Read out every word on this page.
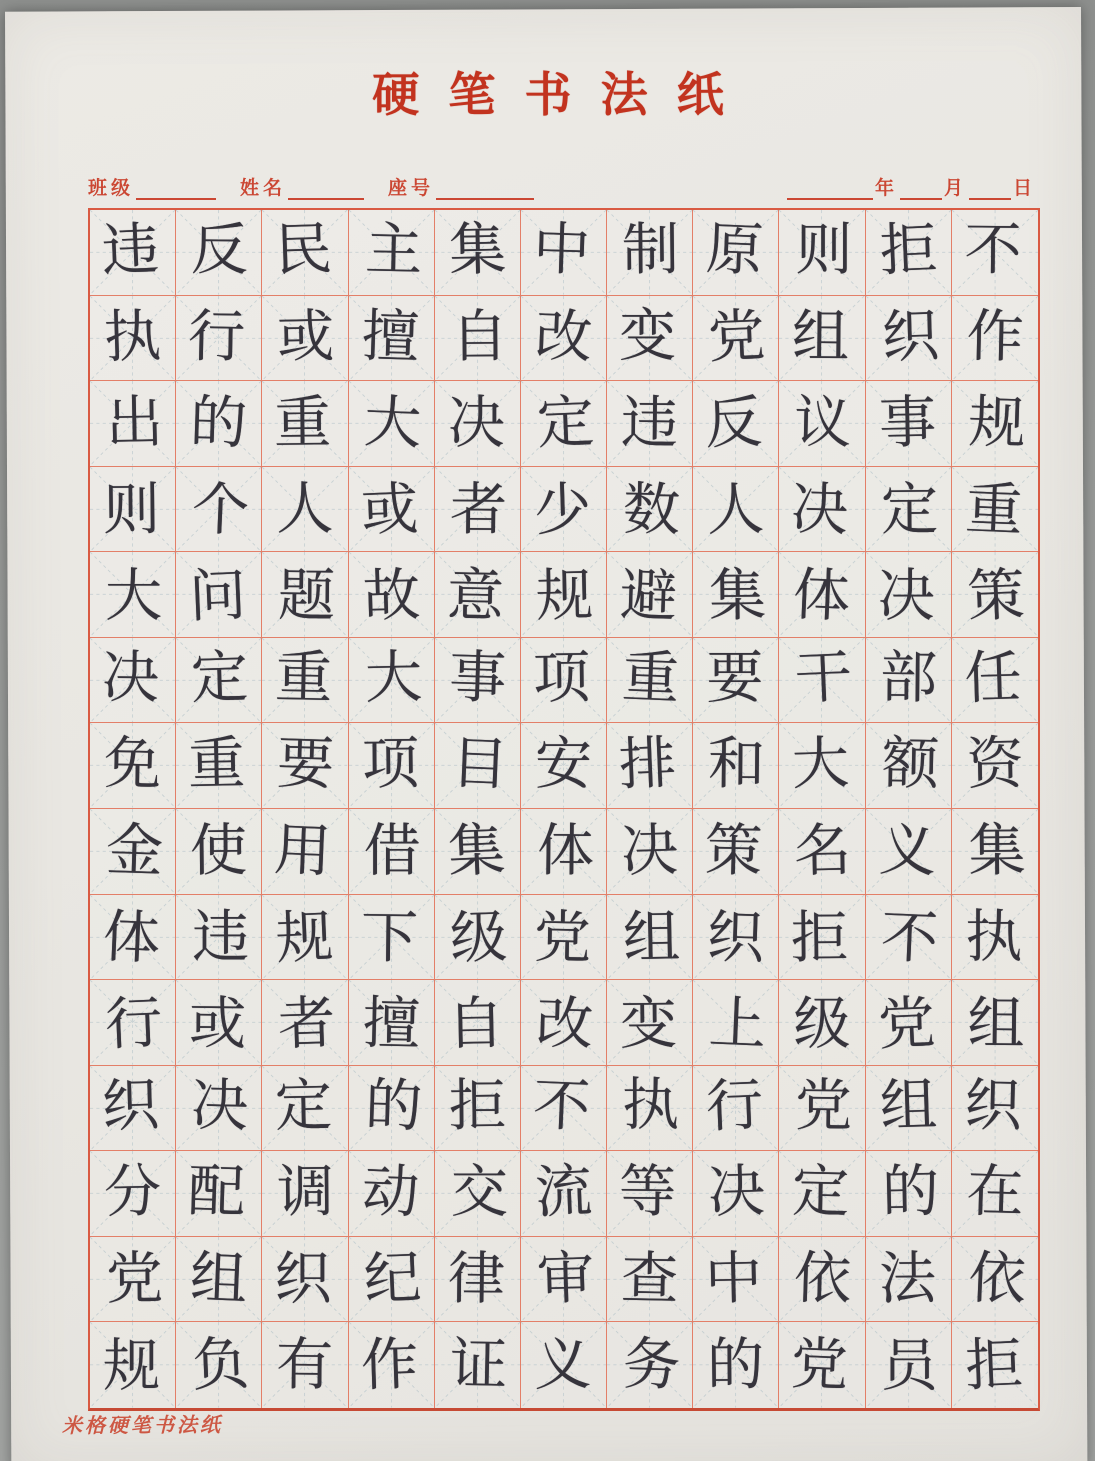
硬笔书法纸
班级	姓名	座号	年 月 日
违 反 民 主 集 中 制 原 则 拒 不
执 行 或 擅 自 改 变 党 组 织 作
出 的 重 大 决 定 违 反 议 事 规
则 个 人 或 者 少 数 人 决 定 重
大 问 题 故 意 规 避 集 体 决 策
决 定 重 大 事 项 重 要 干 部 任
免 重 要 项 目 安 排 和 大 额 资
金 使 用 借 集 体 决 策 名 义 集
体 违 规 下 级 党 组 织 拒 不 执
行 或 者 擅 自 改 变 上 级 党 组
织 决 定 的 拒 不 执 行 党 组 织
分 配 调 动 交 流 等 决 定 的 在
党 组 织 纪 律 审 查 中 依 法 依
规 负 有 作 证 义 务 的 党 员 拒
米格硬笔书法纸
